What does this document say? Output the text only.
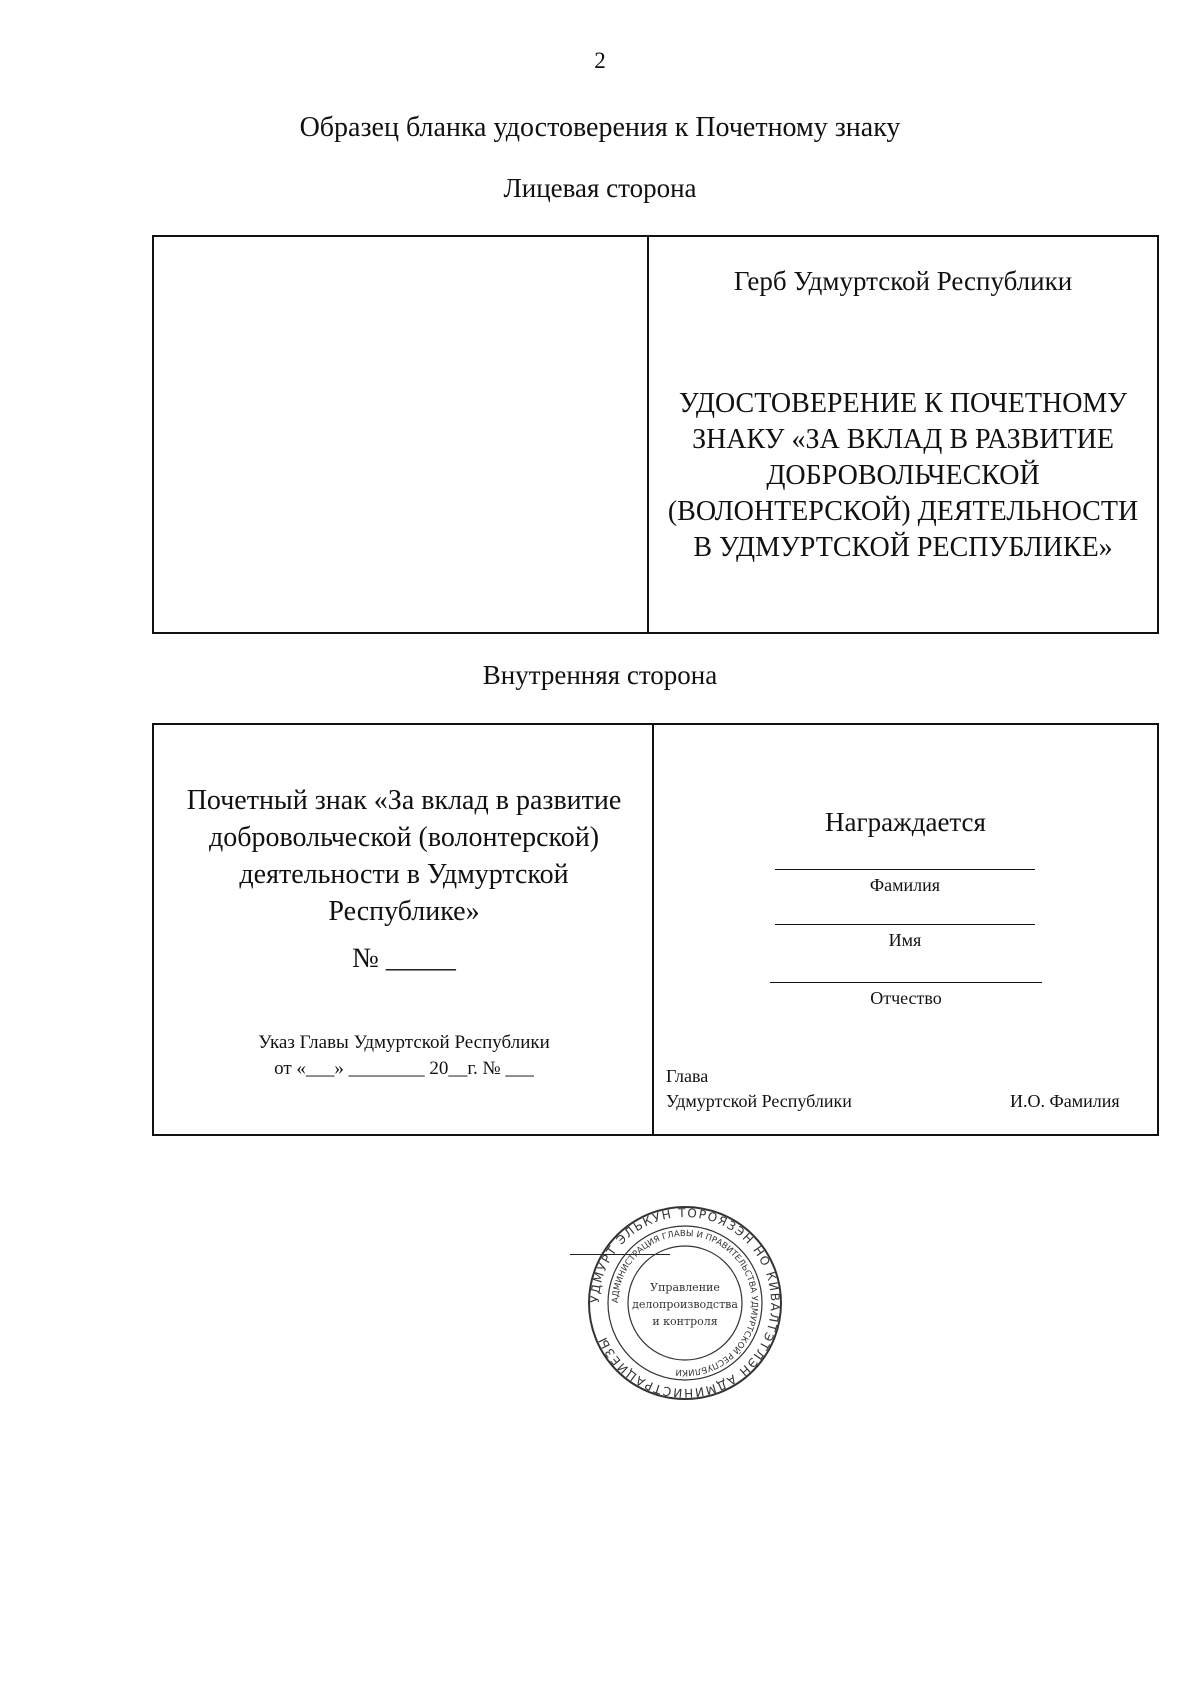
2
Образец бланка удостоверения к Почетному знаку
Лицевая сторона
Герб Удмуртской Республики
УДОСТОВЕРЕНИЕ К ПОЧЕТНОМУ
ЗНАКУ «ЗА ВКЛАД В РАЗВИТИЕ
ДОБРОВОЛЬЧЕСКОЙ
(ВОЛОНТЕРСКОЙ) ДЕЯТЕЛЬНОСТИ
В УДМУРТСКОЙ РЕСПУБЛИКЕ»
Внутренняя сторона
Почетный знак «За вклад в развитие
добровольческой (волонтерской)
деятельности в Удмуртской
Республике»
№ _____
Указ Главы Удмуртской Республики
от «___» ________ 20__г. № ___
Награждается
Фамилия
Имя
Отчество
Глава
Удмуртской Республики	И.О. Фамилия
УДМУРТ ЭЛЬКУН ТӦРОЯЗЭН НО КИВАЛТЭТЛЭН АДМИНИСТРАЦИЕЗЫ
АДМИНИСТРАЦИЯ ГЛАВЫ И ПРАВИТЕЛЬСТВА УДМУРТСКОЙ РЕСПУБЛИКИ
Управление
делопроизводства
и контроля
